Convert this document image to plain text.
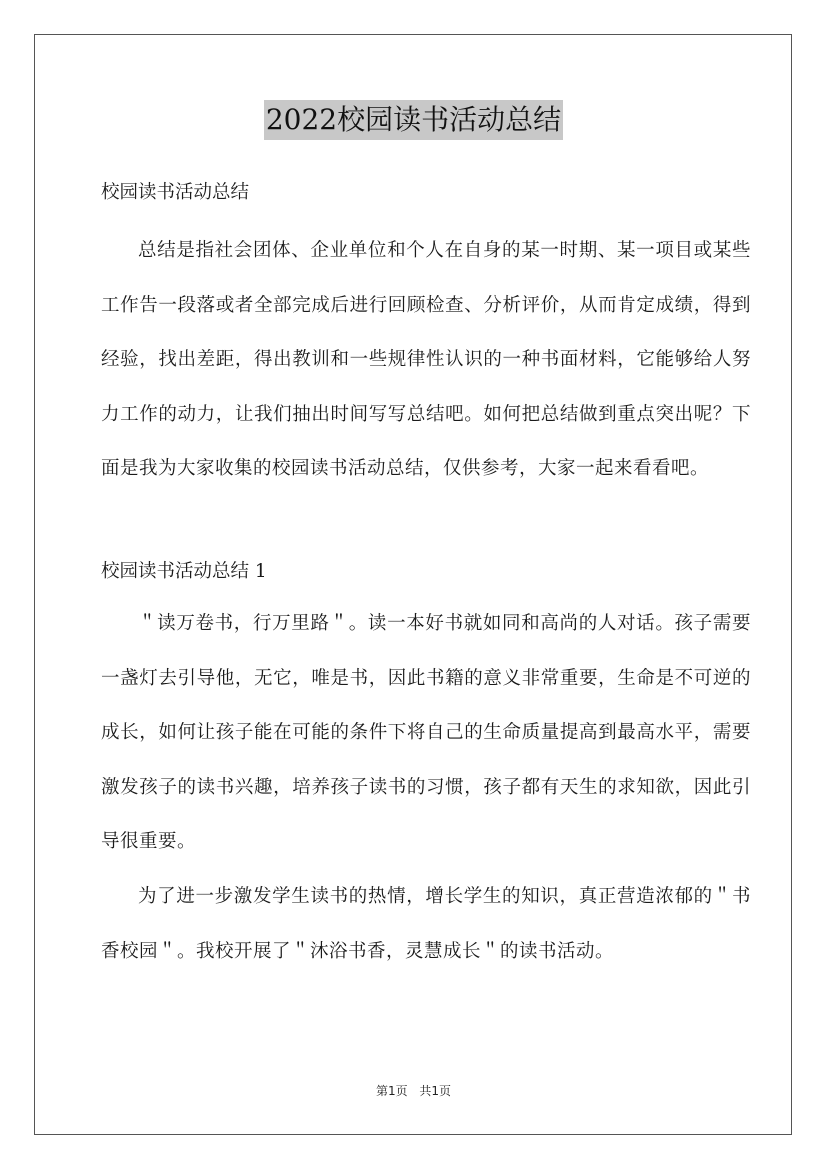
2022校园读书活动总结

校园读书活动总结

总结是指社会团体、企业单位和个人在自身的某一时期、某一项目或某些工作告一段落或者全部完成后进行回顾检查、分析评价，从而肯定成绩，得到经验，找出差距，得出教训和一些规律性认识的一种书面材料，它能够给人努力工作的动力，让我们抽出时间写写总结吧。如何把总结做到重点突出呢？下面是我为大家收集的校园读书活动总结，仅供参考，大家一起来看看吧。

校园读书活动总结 1

＂读万卷书，行万里路＂。读一本好书就如同和高尚的人对话。孩子需要一盏灯去引导他，无它，唯是书，因此书籍的意义非常重要，生命是不可逆的成长，如何让孩子能在可能的条件下将自己的生命质量提高到最高水平，需要激发孩子的读书兴趣，培养孩子读书的习惯，孩子都有天生的求知欲，因此引导很重要。

为了进一步激发学生读书的热情，增长学生的知识，真正营造浓郁的＂书香校园＂。我校开展了＂沐浴书香，灵慧成长＂的读书活动。

第1页 共1页
